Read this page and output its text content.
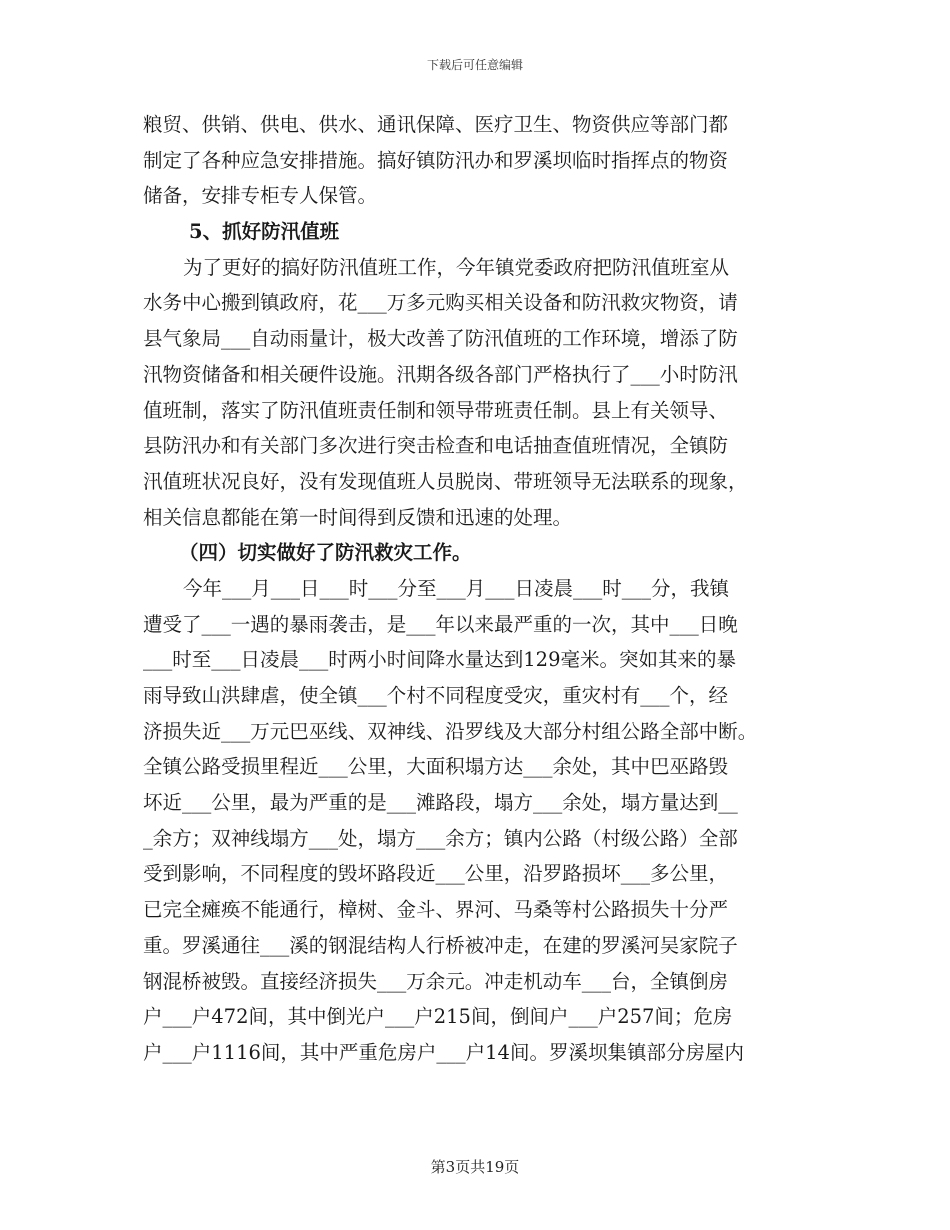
下载后可任意编辑
粮贸、供销、供电、供水、通讯保障、医疗卫生、物资供应等部门都
制定了各种应急安排措施。搞好镇防汛办和罗溪坝临时指挥点的物资
储备，安排专柜专人保管。
5、抓好防汛值班
为了更好的搞好防汛值班工作，今年镇党委政府把防汛值班室从
水务中心搬到镇政府，花___万多元购买相关设备和防汛救灾物资，请
县气象局___自动雨量计，极大改善了防汛值班的工作环境，增添了防
汛物资储备和相关硬件设施。汛期各级各部门严格执行了___小时防汛
值班制，落实了防汛值班责任制和领导带班责任制。县上有关领导、
县防汛办和有关部门多次进行突击检查和电话抽查值班情况，全镇防
汛值班状况良好，没有发现值班人员脱岗、带班领导无法联系的现象，
相关信息都能在第一时间得到反馈和迅速的处理。
（四）切实做好了防汛救灾工作。
今年___月___日___时___分至___月___日凌晨___时___分，我镇
遭受了___一遇的暴雨袭击，是___年以来最严重的一次，其中___日晚
___时至___日凌晨___时两小时间降水量达到129毫米。突如其来的暴
雨导致山洪肆虐，使全镇___个村不同程度受灾，重灾村有___个，经
济损失近___万元巴巫线、双神线、沿罗线及大部分村组公路全部中断。
全镇公路受损里程近___公里，大面积塌方达___余处，其中巴巫路毁
坏近___公里，最为严重的是___滩路段，塌方___余处，塌方量达到__
_余方；双神线塌方___处，塌方___余方；镇内公路（村级公路）全部
受到影响，不同程度的毁坏路段近___公里，沿罗路损坏___多公里，
已完全瘫痪不能通行，樟树、金斗、界河、马桑等村公路损失十分严
重。罗溪通往___溪的钢混结构人行桥被冲走，在建的罗溪河吴家院子
钢混桥被毁。直接经济损失___万余元。冲走机动车___台，全镇倒房
户___户472间，其中倒光户___户215间，倒间户___户257间；危房
户___户1116间，其中严重危房户___户14间。罗溪坝集镇部分房屋内
第3页共19页
